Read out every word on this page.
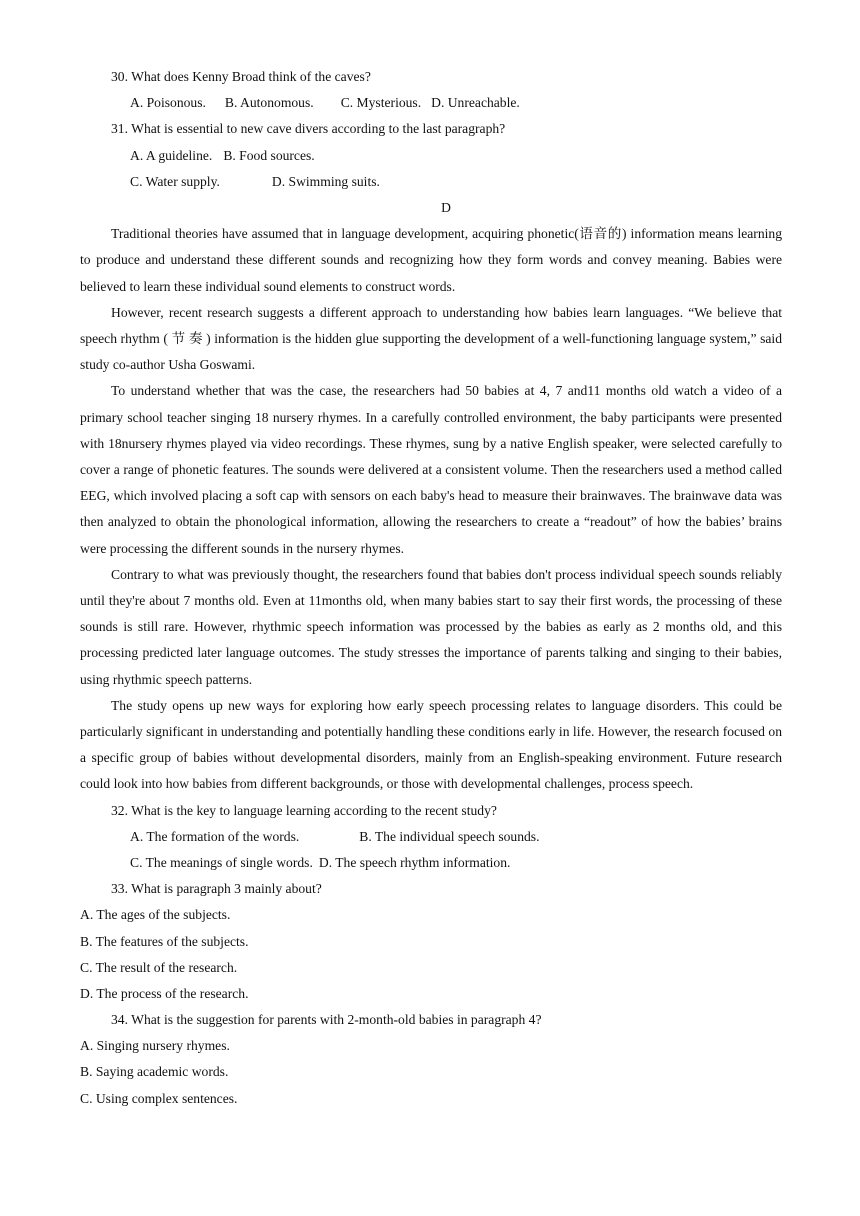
30. What does Kenny Broad think of the caves?
A. Poisonous. B. Autonomous. C. Mysterious. D. Unreachable.
31. What is essential to new cave divers according to the last paragraph?
A. A guideline. B. Food sources.
C. Water supply.	D. Swimming suits.
D

Traditional theories have assumed that in language development, acquiring phonetic(语音的) information means learning to produce and understand these different sounds and recognizing how they form words and convey meaning. Babies were believed to learn these individual sound elements to construct words.

However, recent research suggests a different approach to understanding how babies learn languages. “We believe that speech rhythm ( 节 奏 ) information is the hidden glue supporting the development of a well-functioning language system,” said study co-author Usha Goswami.

To understand whether that was the case, the researchers had 50 babies at 4, 7 and11 months old watch a video of a primary school teacher singing 18 nursery rhymes. In a carefully controlled environment, the baby participants were presented with 18nursery rhymes played via video recordings. These rhymes, sung by a native English speaker, were selected carefully to cover a range of phonetic features. The sounds were delivered at a consistent volume. Then the researchers used a method called EEG, which involved placing a soft cap with sensors on each baby's head to measure their brainwaves. The brainwave data was then analyzed to obtain the phonological information, allowing the researchers to create a “readout” of how the babies’ brains were processing the different sounds in the nursery rhymes.

Contrary to what was previously thought, the researchers found that babies don't process individual speech sounds reliably until they're about 7 months old. Even at 11months old, when many babies start to say their first words, the processing of these sounds is still rare. However, rhythmic speech information was processed by the babies as early as 2 months old, and this processing predicted later language outcomes. The study stresses the importance of parents talking and singing to their babies, using rhythmic speech patterns.

The study opens up new ways for exploring how early speech processing relates to language disorders. This could be particularly significant in understanding and potentially handling these conditions early in life. However, the research focused on a specific group of babies without developmental disorders, mainly from an English-speaking environment. Future research could look into how babies from different backgrounds, or those with developmental challenges, process speech.

32. What is the key to language learning according to the recent study?
A. The formation of the words.	B. The individual speech sounds.
C. The meanings of single words. D. The speech rhythm information.
33. What is paragraph 3 mainly about?
A. The ages of the subjects.
B. The features of the subjects.
C. The result of the research.
D. The process of the research.
34. What is the suggestion for parents with 2-month-old babies in paragraph 4?
A. Singing nursery rhymes.
B. Saying academic words.
C. Using complex sentences.
